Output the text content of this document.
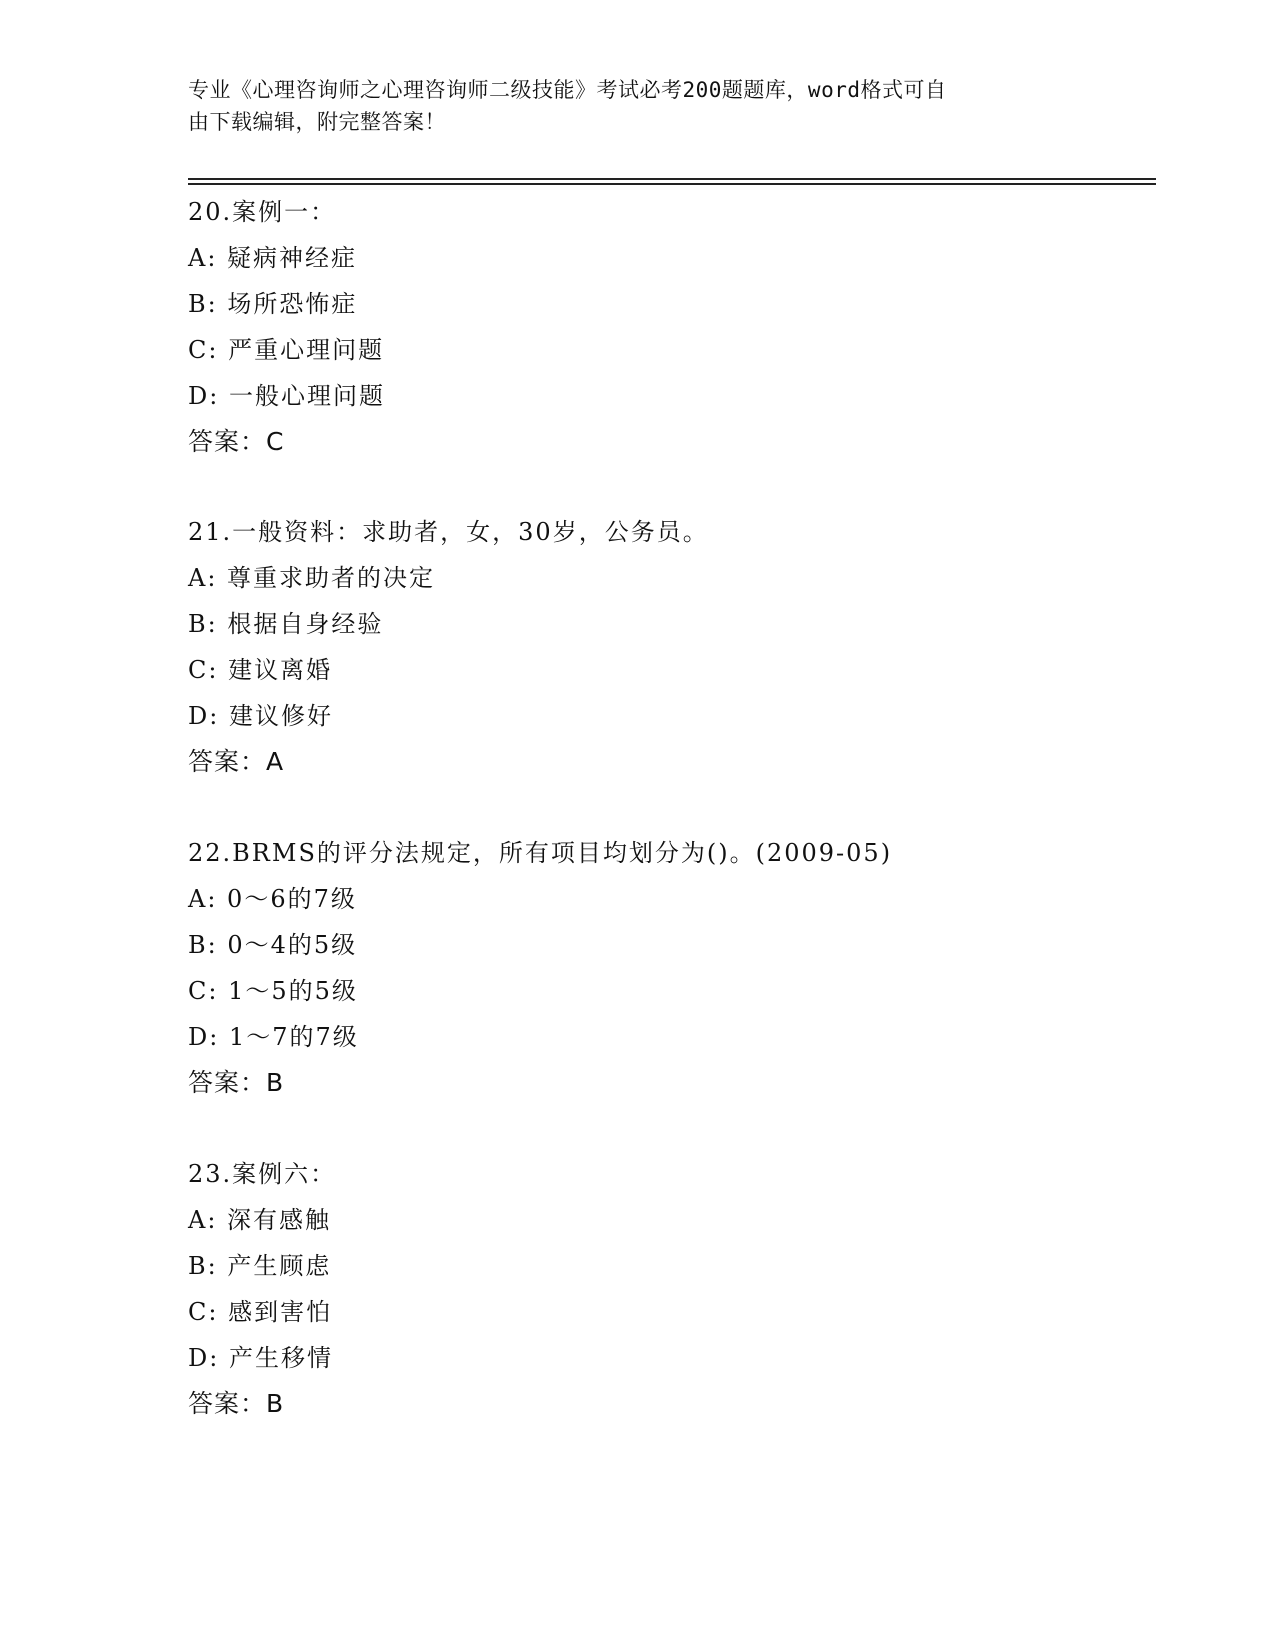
专业《心理咨询师之心理咨询师二级技能》考试必考200题题库，word格式可自
由下载编辑，附完整答案！
20.案例一：
A: 疑病神经症
B: 场所恐怖症
C: 严重心理问题
D: 一般心理问题
答案：C
21.一般资料：求助者，女，30岁，公务员。
A: 尊重求助者的决定
B: 根据自身经验
C: 建议离婚
D: 建议修好
答案：A
22.BRMS的评分法规定，所有项目均划分为()。(2009-05)
A: 0～6的7级
B: 0～4的5级
C: 1～5的5级
D: 1～7的7级
答案：B
23.案例六：
A: 深有感触
B: 产生顾虑
C: 感到害怕
D: 产生移情
答案：B
